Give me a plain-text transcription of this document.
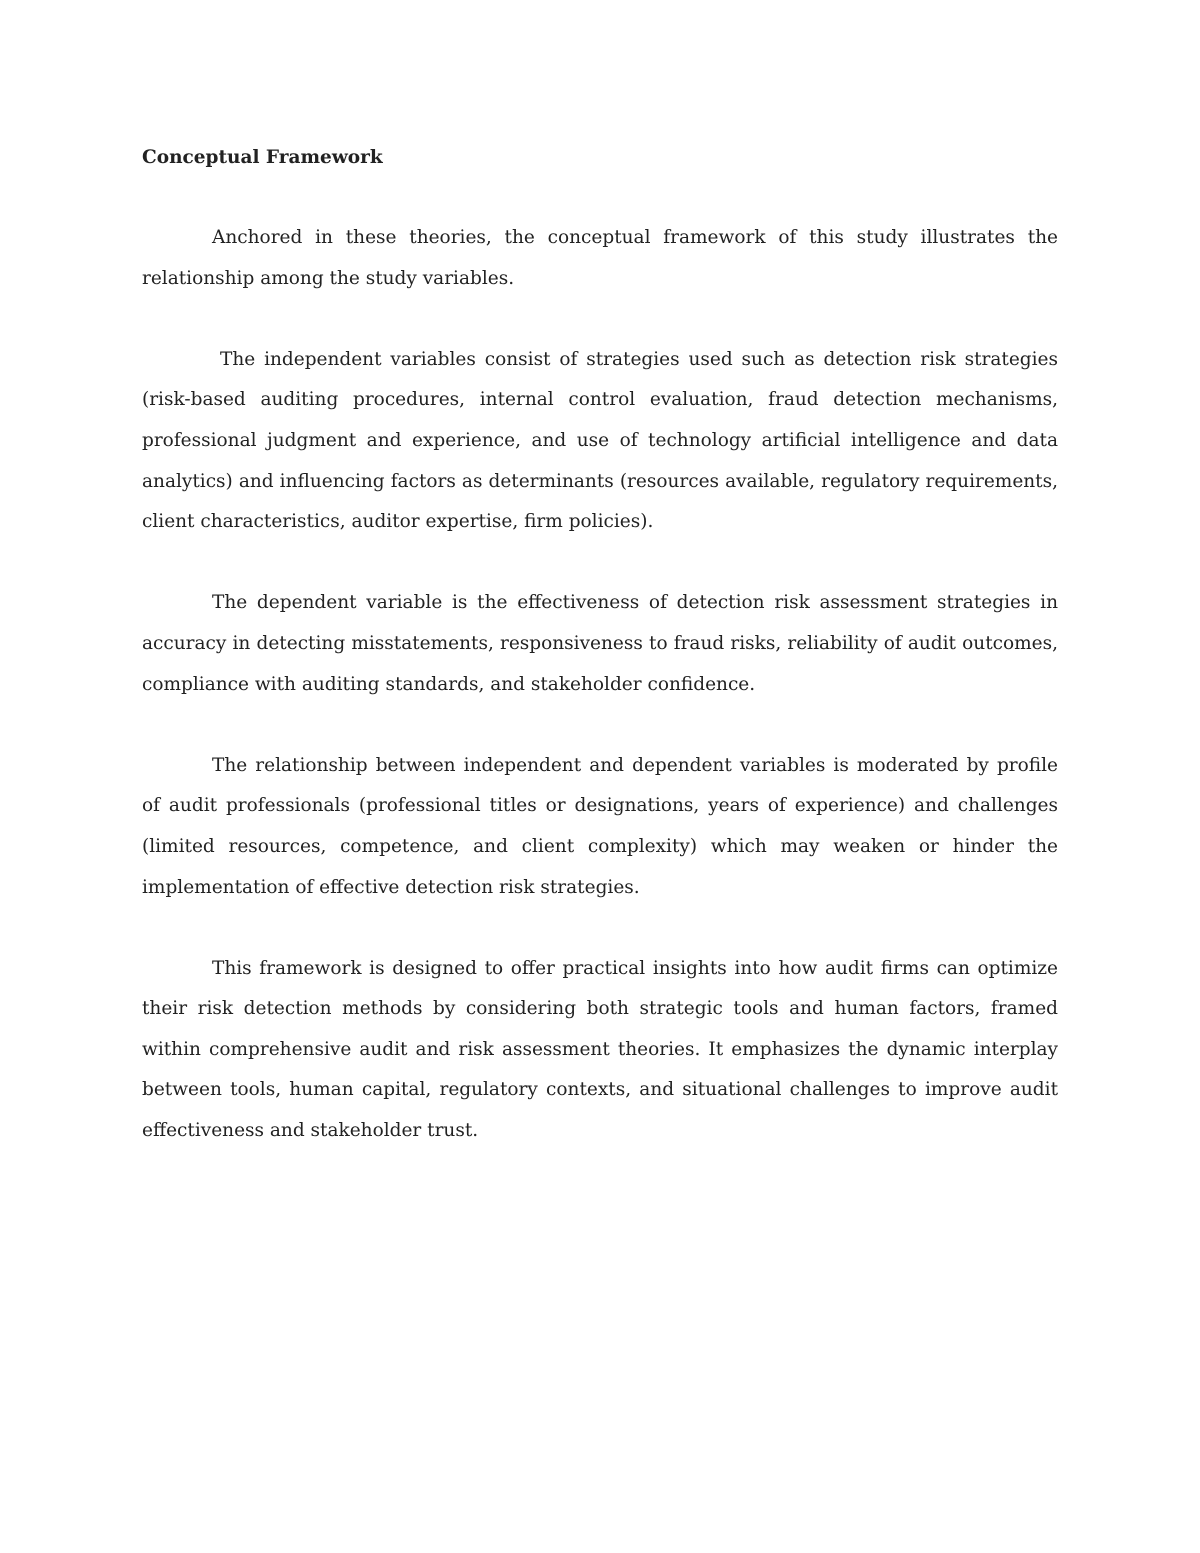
Conceptual Framework

Anchored in these theories, the conceptual framework of this study illustrates the relationship among the study variables.

The independent variables consist of strategies used such as detection risk strategies (risk-based auditing procedures, internal control evaluation, fraud detection mechanisms, professional judgment and experience, and use of technology artificial intelligence and data analytics) and influencing factors as determinants (resources available, regulatory requirements, client characteristics, auditor expertise, firm policies).

The dependent variable is the effectiveness of detection risk assessment strategies in accuracy in detecting misstatements, responsiveness to fraud risks, reliability of audit outcomes, compliance with auditing standards, and stakeholder confidence.

The relationship between independent and dependent variables is moderated by profile of audit professionals (professional titles or designations, years of experience) and challenges (limited resources, competence, and client complexity) which may weaken or hinder the implementation of effective detection risk strategies.

This framework is designed to offer practical insights into how audit firms can optimize their risk detection methods by considering both strategic tools and human factors, framed within comprehensive audit and risk assessment theories. It emphasizes the dynamic interplay between tools, human capital, regulatory contexts, and situational challenges to improve audit effectiveness and stakeholder trust.
